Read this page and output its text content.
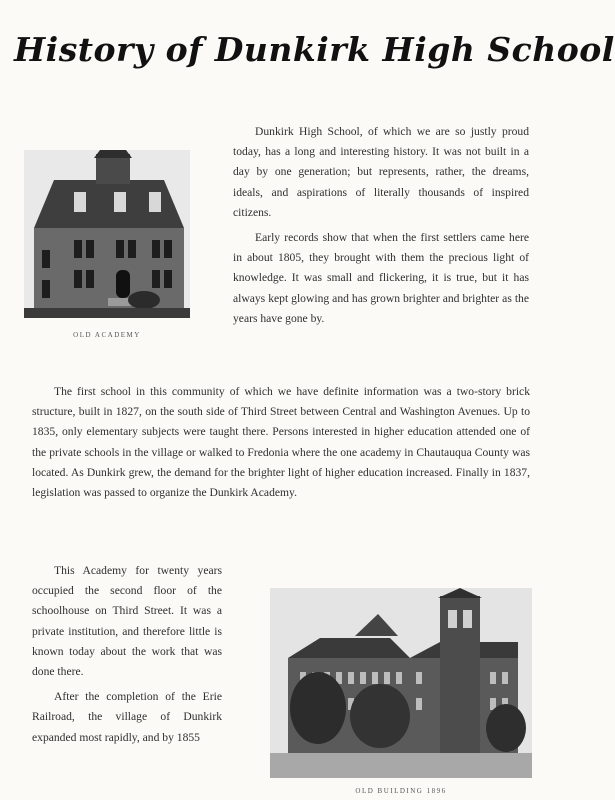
History of Dunkirk High School
OLD ACADEMY

Dunkirk High School, of which we are so justly proud today, has a long and interesting history. It was not built in a day by one generation; but represents, rather, the dreams, ideals, and aspirations of literally thousands of inspired citizens.

Early records show that when the first settlers came here in about 1805, they brought with them the precious light of knowledge. It was small and flickering, it is true, but it has always kept glowing and has grown brighter and brighter as the years have gone by.

The first school in this community of which we have definite information was a two-story brick structure, built in 1827, on the south side of Third Street between Central and Washington Avenues. Up to 1835, only elementary subjects were taught there. Persons interested in higher education attended one of the private schools in the village or walked to Fredonia where the one academy in Chautauqua County was located. As Dunkirk grew, the demand for the brighter light of higher education increased. Finally in 1837, legislation was passed to organize the Dunkirk Academy.

This Academy for twenty years occupied the second floor of the schoolhouse on Third Street. It was a private institution, and therefore little is known today about the work that was done there.

After the completion of the Erie Railroad, the village of Dunkirk expanded most rapidly, and by 1855

OLD BUILDING 1896
